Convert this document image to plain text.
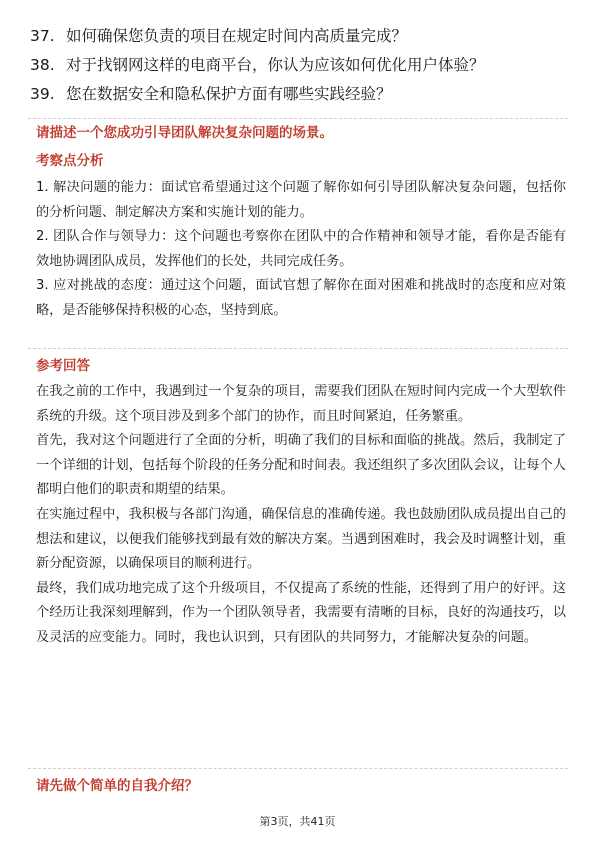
37. 如何确保您负责的项目在规定时间内高质量完成？
38. 对于找钢网这样的电商平台，你认为应该如何优化用户体验？
39. 您在数据安全和隐私保护方面有哪些实践经验？
请描述一个您成功引导团队解决复杂问题的场景。
考察点分析

1. 解决问题的能力：面试官希望通过这个问题了解你如何引导团队解决复杂问题，包括你的分析问题、制定解决方案和实施计划的能力。

2. 团队合作与领导力：这个问题也考察你在团队中的合作精神和领导才能，看你是否能有效地协调团队成员，发挥他们的长处，共同完成任务。

3. 应对挑战的态度：通过这个问题，面试官想了解你在面对困难和挑战时的态度和应对策略，是否能够保持积极的心态，坚持到底。

参考回答

在我之前的工作中，我遇到过一个复杂的项目，需要我们团队在短时间内完成一个大型软件系统的升级。这个项目涉及到多个部门的协作，而且时间紧迫，任务繁重。

首先，我对这个问题进行了全面的分析，明确了我们的目标和面临的挑战。然后，我制定了一个详细的计划，包括每个阶段的任务分配和时间表。我还组织了多次团队会议，让每个人都明白他们的职责和期望的结果。

在实施过程中，我积极与各部门沟通，确保信息的准确传递。我也鼓励团队成员提出自己的想法和建议，以便我们能够找到最有效的解决方案。当遇到困难时，我会及时调整计划，重新分配资源，以确保项目的顺利进行。

最终，我们成功地完成了这个升级项目，不仅提高了系统的性能，还得到了用户的好评。这个经历让我深刻理解到，作为一个团队领导者，我需要有清晰的目标，良好的沟通技巧，以及灵活的应变能力。同时，我也认识到，只有团队的共同努力，才能解决复杂的问题。

请先做个简单的自我介绍？
第3页，共41页
